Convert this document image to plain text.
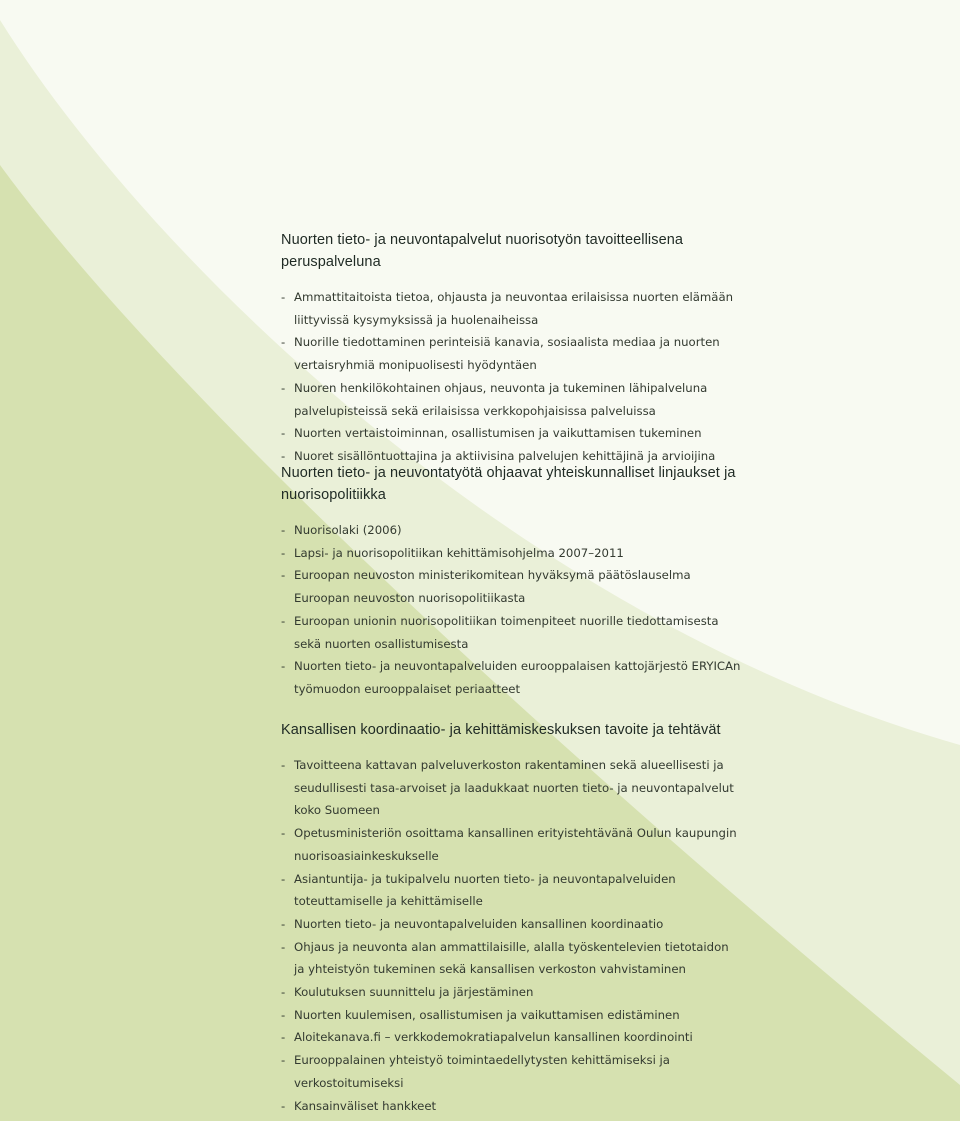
Nuorten tieto- ja neuvontapalvelut nuorisotyön tavoitteellisena peruspalveluna
- Ammattitaitoista tietoa, ohjausta ja neuvontaa erilaisissa nuorten elämään liittyvissä kysymyksissä ja huolenaiheissa
- Nuorille tiedottaminen perinteisiä kanavia, sosiaalista mediaa ja nuorten vertaisryhmiä monipuolisesti hyödyntäen
- Nuoren henkilökohtainen ohjaus, neuvonta ja tukeminen lähipalveluna palvelupisteissä sekä erilaisissa verkkopohjaisissa palveluissa
- Nuorten vertaistoiminnan, osallistumisen ja vaikuttamisen tukeminen
- Nuoret sisällöntuottajina ja aktiivisina palvelujen kehittäjinä ja arvioijina
Nuorten tieto- ja neuvontatyötä ohjaavat yhteiskunnalliset linjaukset ja nuorisopolitiikka
- Nuorisolaki (2006)
- Lapsi- ja nuorisopolitiikan kehittämisohjelma 2007–2011
- Euroopan neuvoston ministerikomitean hyväksymä päätöslauselma Euroopan neuvoston nuorisopolitiikasta
- Euroopan unionin nuorisopolitiikan toimenpiteet nuorille tiedottamisesta sekä nuorten osallistumisesta
- Nuorten tieto- ja neuvontapalveluiden eurooppalaisen kattojärjestö ERYICAn työmuodon eurooppalaiset periaatteet
Kansallisen koordinaatio- ja kehittämiskeskuksen tavoite ja tehtävät
- Tavoitteena kattavan palveluverkoston rakentaminen sekä alueellisesti ja seudullisesti tasa-arvoiset ja laadukkaat nuorten tieto- ja neuvontapalvelut koko Suomeen
- Opetusministeriön osoittama kansallinen erityistehtävänä Oulun kaupungin nuorisoasiainkeskukselle
- Asiantuntija- ja tukipalvelu nuorten tieto- ja neuvontapalveluiden toteuttamiselle ja kehittämiselle
- Nuorten tieto- ja neuvontapalveluiden kansallinen koordinaatio
- Ohjaus ja neuvonta alan ammattilaisille, alalla työskentelevien tietotaidon ja yhteistyön tukeminen sekä kansallisen verkoston vahvistaminen
- Koulutuksen suunnittelu ja järjestäminen
- Nuorten kuulemisen, osallistumisen ja vaikuttamisen edistäminen
- Aloitekanava.fi – verkkodemokratiapalvelun kansallinen koordinointi
- Eurooppalainen yhteistyö toimintaedellytysten kehittämiseksi ja verkostoitumiseksi
- Kansainväliset hankkeet
